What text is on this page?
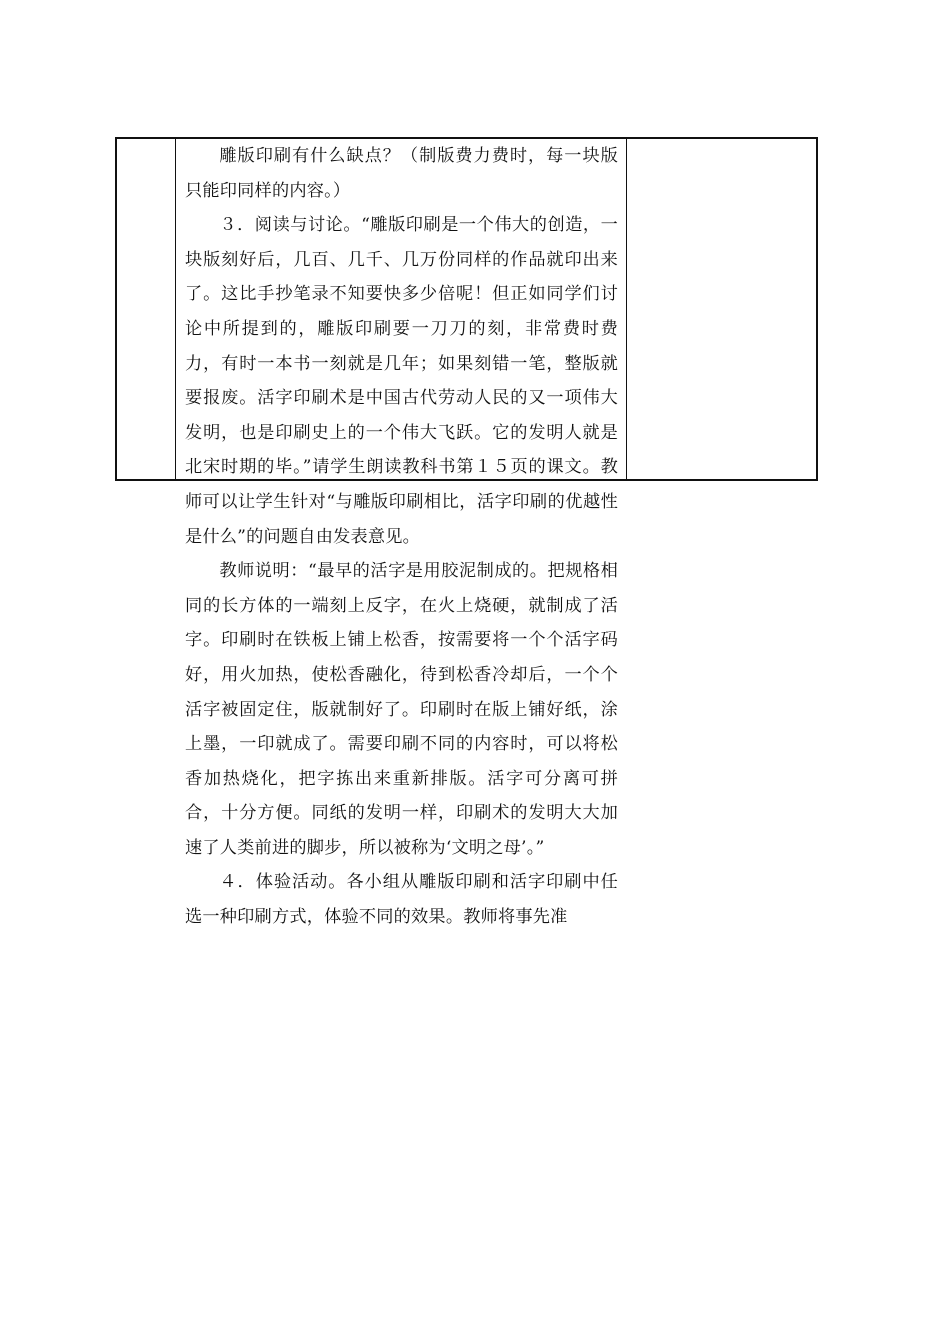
雕版印刷有什么缺点？（制版费力费时，每一块版只能印同样的内容。）

３．阅读与讨论。“雕版印刷是一个伟大的创造，一块版刻好后，几百、几千、几万份同样的作品就印出来了。这比手抄笔录不知要快多少倍呢！但正如同学们讨论中所提到的，雕版印刷要一刀刀的刻，非常费时费力，有时一本书一刻就是几年；如果刻错一笔，整版就要报废。活字印刷术是中国古代劳动人民的又一项伟大发明，也是印刷史上的一个伟大飞跃。它的发明人就是北宋时期的毕。”请学生朗读教科书第１５页的课文。教师可以让学生针对“与雕版印刷相比，活字印刷的优越性是什么”的问题自由发表意见。

教师说明：“最早的活字是用胶泥制成的。把规格相同的长方体的一端刻上反字，在火上烧硬，就制成了活字。印刷时在铁板上铺上松香，按需要将一个个活字码好，用火加热，使松香融化，待到松香冷却后，一个个活字被固定住，版就制好了。印刷时在版上铺好纸，涂上墨，一印就成了。需要印刷不同的内容时，可以将松香加热烧化，把字拣出来重新排版。活字可分离可拼合，十分方便。同纸的发明一样，印刷术的发明大大加速了人类前进的脚步，所以被称为‘文明之母’。”

４．体验活动。各小组从雕版印刷和活字印刷中任选一种印刷方式，体验不同的效果。教师将事先准
